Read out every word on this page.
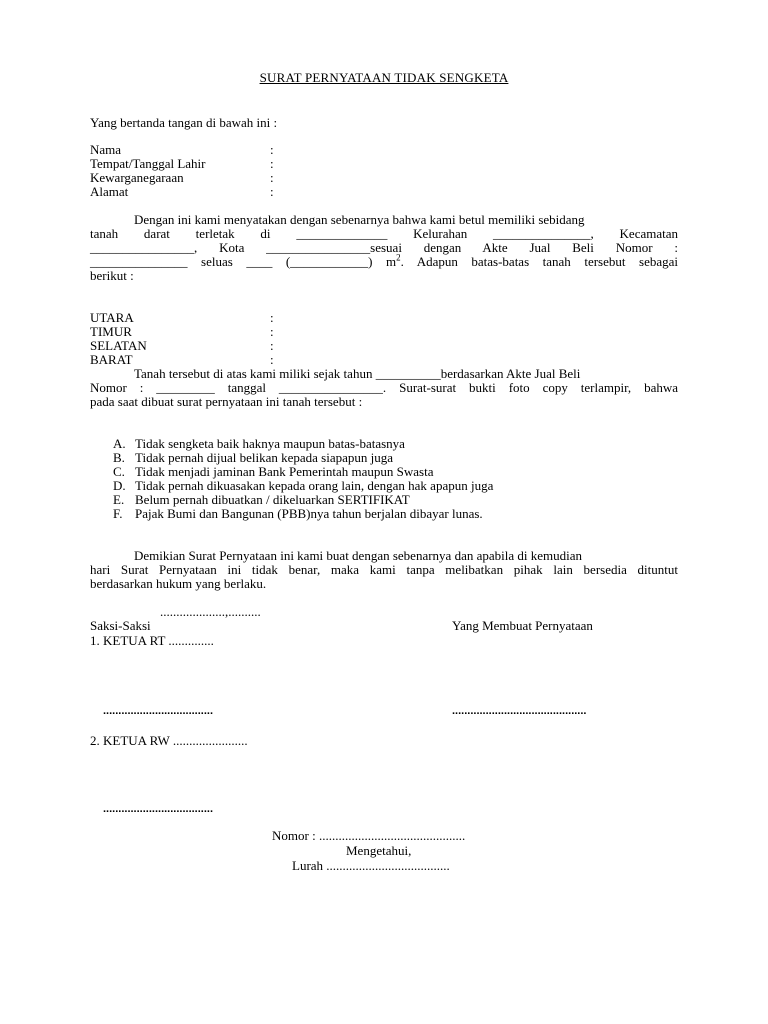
SURAT PERNYATAAN TIDAK SENGKETA
Yang bertanda tangan di bawah ini :
Nama	:
Tempat/Tanggal Lahir	:
Kewarganegaraan	:
Alamat	:
Dengan ini kami menyatakan dengan sebenarnya bahwa kami betul memiliki sebidang
tanah darat terletak di ______________ Kelurahan _______________, Kecamatan
________________, Kota ________________sesuai dengan Akte Jual Beli Nomor :
_______________ seluas ____ (____________) $m^2$. Adapun batas-batas tanah tersebut sebagai
berikut :
UTARA	:
TIMUR	:
SELATAN	:
BARAT	:
Tanah tersebut di atas kami miliki sejak tahun __________berdasarkan Akte Jual Beli
Nomor : _________ tanggal ________________. Surat-surat bukti foto copy terlampir, bahwa
pada saat dibuat surat pernyataan ini tanah tersebut :
A. Tidak sengketa baik haknya maupun batas-batasnya
B. Tidak pernah dijual belikan kepada siapapun juga
C. Tidak menjadi jaminan Bank Pemerintah maupun Swasta
D. Tidak pernah dikuasakan kepada orang lain, dengan hak apapun juga
E. Belum pernah dibuatkan / dikeluarkan SERTIFIKAT
F. Pajak Bumi dan Bangunan (PBB)nya tahun berjalan dibayar lunas.
Demikian Surat Pernyataan ini kami buat dengan sebenarnya dan apabila di kemudian
hari Surat Pernyataan ini tidak benar, maka kami tanpa melibatkan pihak lain bersedia dituntut
berdasarkan hukum yang berlaku.
....................,..........
Saksi-Saksi	Yang Membuat Pernyataan
1. KETUA RT ..............
....................................	............................................
2. KETUA RW .......................
....................................
Nomor : .............................................
Mengetahui,
Lurah ......................................
